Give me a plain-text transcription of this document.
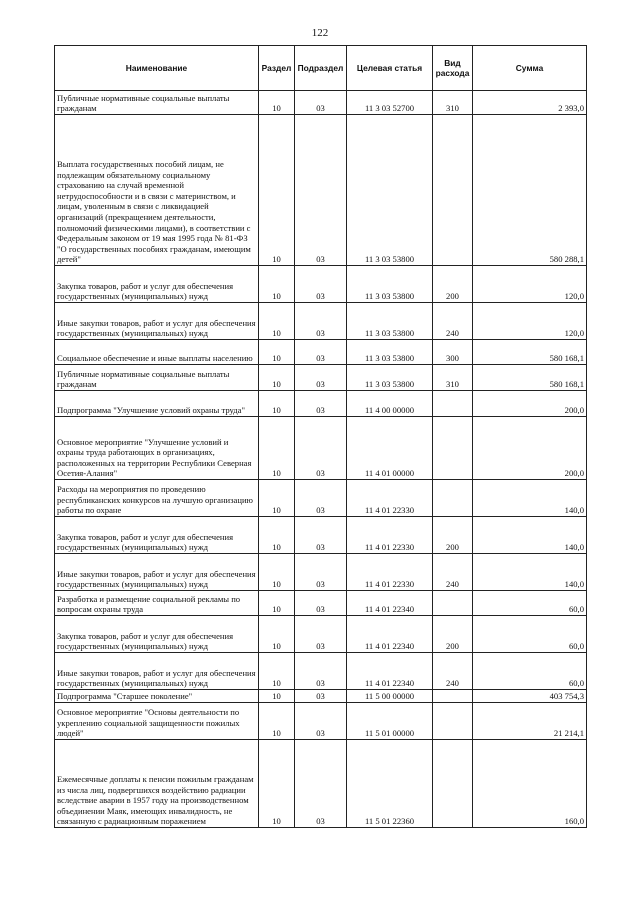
122
Наименование	Раздел	Подраздел	Целевая статья	Вид расхода	Сумма
Публичные нормативные социальные выплаты гражданам	10	03	11 3 03 52700	310	2 393,0
Выплата государственных пособий лицам, не подлежащим обязательному социальному страхованию на случай временной нетрудоспособности и в связи с материнством, и лицам, уволенным в связи с ликвидацией организаций (прекращением деятельности, полномочий физическими лицами), в соответствии с Федеральным законом от 19 мая 1995 года № 81-ФЗ "О государственных пособиях гражданам, имеющим детей"	10	03	11 3 03 53800		580 288,1
Закупка товаров, работ и услуг для обеспечения государственных (муниципальных) нужд	10	03	11 3 03 53800	200	120,0
Иные закупки товаров, работ и услуг для обеспечения государственных (муниципальных) нужд	10	03	11 3 03 53800	240	120,0
Социальное обеспечение и иные выплаты населению	10	03	11 3 03 53800	300	580 168,1
Публичные нормативные социальные выплаты гражданам	10	03	11 3 03 53800	310	580 168,1
Подпрограмма "Улучшение условий охраны труда"	10	03	11 4 00 00000		200,0
Основное мероприятие "Улучшение условий и охраны труда работающих в организациях, расположенных на территории Республики Северная Осетия-Алания"	10	03	11 4 01 00000		200,0
Расходы на мероприятия по проведению республиканских конкурсов на лучшую организацию работы по охране	10	03	11 4 01 22330		140,0
Закупка товаров, работ и услуг для обеспечения государственных (муниципальных) нужд	10	03	11 4 01 22330	200	140,0
Иные закупки товаров, работ и услуг для обеспечения государственных (муниципальных) нужд	10	03	11 4 01 22330	240	140,0
Разработка и размещение социальной рекламы по вопросам охраны труда	10	03	11 4 01 22340		60,0
Закупка товаров, работ и услуг для обеспечения государственных (муниципальных) нужд	10	03	11 4 01 22340	200	60,0
Иные закупки товаров, работ и услуг для обеспечения государственных (муниципальных) нужд	10	03	11 4 01 22340	240	60,0
Подпрограмма "Старшее поколение"	10	03	11 5 00 00000		403 754,3
Основное мероприятие "Основы деятельности по укреплению социальной защищенности пожилых людей"	10	03	11 5 01 00000		21 214,1
Ежемесячные доплаты к пенсии пожилым гражданам из числа лиц, подвергшихся воздействию радиации вследствие аварии в 1957 году на производственном объединении Маяк, имеющих инвалидность, не связанную с радиационным поражением	10	03	11 5 01 22360		160,0
